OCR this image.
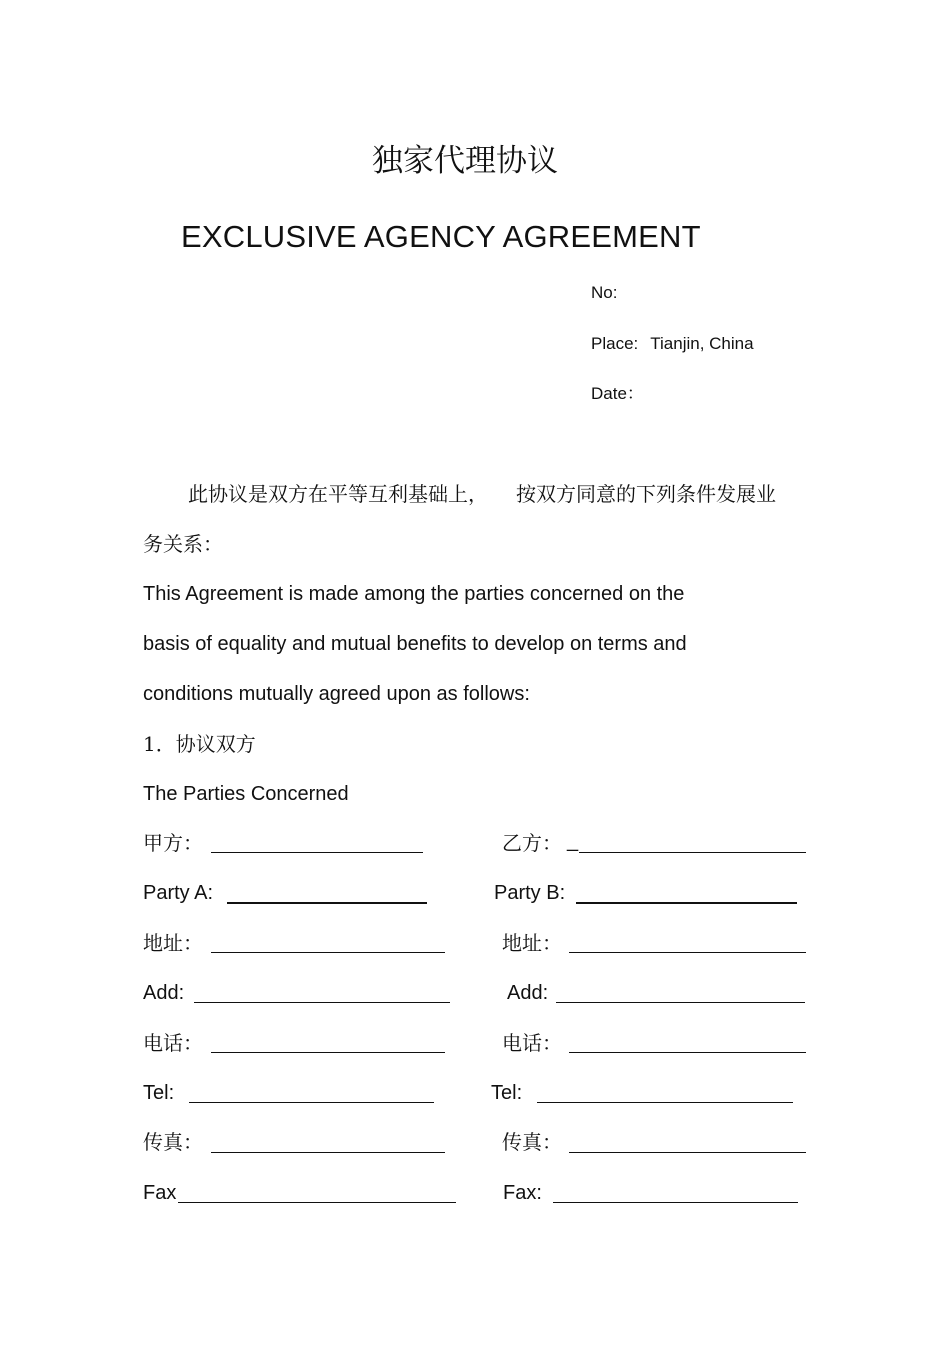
独家代理协议
EXCLUSIVE AGENCY AGREEMENT
No:
Place: Tianjin, China
Date：
此协议是双方在平等互利基础上， 按双方同意的下列条件发展业
务关系：
This Agreement is made among the parties concerned on the
basis of equality and mutual benefits to develop on terms and
conditions mutually agreed upon as follows:
1．协议双方
The Parties Concerned
甲方：	乙方： _
Party A:	Party B:
地址：	地址：
Add:	Add:
电话：	电话：
Tel:	Tel:
传真：	传真：
Fax	Fax:
